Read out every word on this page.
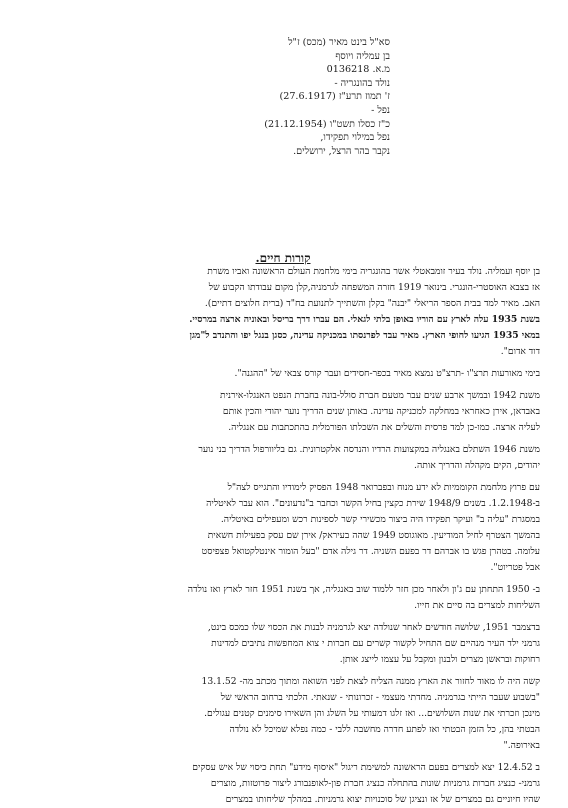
סא"ל בינט מאיר (מכס) ז"ל
בן עמליה ויוסף
מ.א. 0136218
נולד בהונגריה -
ז' תמוז תרע"ז (27.6.1917)
נפל -
כ"ז כסלו תשט"ו (21.12.1954)
נפל במילוי תפקידו,
נקבר בהר הרצל, ירושלים.
קורות חיים.
בן יוסף ועמליה. נולד בעיר זומבאטלי אשר בהונגריה בימי מלחמת העולם הראשונה ואביו משרת
אז בצבא האוסטרי-הונגרי. בינואר 1919 חזרה המשפחה לגרמניה,קלן מקום עבודתו הקבוע של
האב. מאיר למד בבית הספר הריאלי "יבנה" בקלן והשתייך לתנועת בח"ד (ברית חלוצים דתיים).
בשנת 1935 עלה לארץ עם הוריו באופן בלתי לגאלי. הם עברו דרך בריסל ובאוניה ארצה במרסיי.
במאי 1935 הגיעו לחופי הארץ. מאיר עבד לפרנסתו במכניקה עדינה, כסגן בנגל יפו והתנדב ל"מגן
דוד אדום".
בימי מאורעות תרצ"ו -תרצ"ט נמצא מאיר בכפר-חסידים ועבר קורס צבאי של "ההגנה".
משנת 1942 ובמשך ארבע שנים עבר מטעם חברת סולל-בונה בחברת הנפט האנגלו-אירנית
באבדאן, אירן כאחראי במחלקה למכניקה עדינה. באותן שנים הדריך נוער יהודי והכין אותם
לעליה ארצה. כמו-כן למד פרסית והשלים את השכלתו הפורמלית בהתכתבות עם אנגליה.
משנת 1946 השתלם באנגליה במקצועות הרדיו והנדסה אלקטרונית. גם בליוורפול הדריך בני נוער
יהודים, הקים מקהלה והדריך אותה.
עם פרוץ מלחמת הקוממיות לא ידע מנוח ובפברואר 1948 הפסיק לימודיו והתגייס לצה"ל
ב-1.2.1948. בשנים 1948/9 שירת כקצין בחיל הקשר וכחבר ב"נדעונים". הוא עבר לאיטליה
במסגרת "עליה ב" ועיקר תפקידו היה ביצור מכשירי קשר לספינות רכש ומעפילים באיטליה.
בהמשך הצטרף לחיל המודיעין. מאוגוסט 1949 שהה בעיראק/ אירן שם עסק בפעילות חשאית
עלומה. בטהרן פגש בו אברהם דר בפעם השניה. דר גילה אדם "בעל הומור אינטלקטואל פצפיסט
אבל פטריוט".
ב- 1950 התחתן עם ג'ון ולאחר מכן חזר ללמוד שוב באנגליה, אך בשנת 1951 חזר לארץ ואז נולדה
השליחות למצרים בה סיים את חייו.
בדצמבר 1951, שלושה חודשים לאחר שנולדה יצא לגרמניה לבנות את הכסוי שלו כמכס בינט,
גרמני ילד העיר מנהיים שם התחיל לקשור קשרים עם חברות י צוא המחפשות נתיבים למדינות
רחוקות ובראשן מצרים ולבנון ומקבל על עצמו לייצג אותן.
קשה היה לו מאוד לחזור את הארץ ממנה הצליח לצאת לפני השואה ומתוך מכתב מה- 13.1.52
"בשבוע שעבר הייתי בגרמניה. מחדתי מעצמי - זכרונותי - שנאתי. הלכתי ברחוב הראשי של
מינכן וזכרתי את שנות השלושים... ואז זלגו דמעותי על השלג והן השאירו סימנים קטנים עגולים.
הבטתי בהן, כל הזמן הבטתי ואז לפתע חדרה מחשבה ללבי - כמה נפלא שמיכל לא נולדה
באירופה."
ב 12.4.52 יצא למצרים בפעם הראשונה למשימת ריגול "איסוף מידע" תחת כיסוי של איש עסקים
גרמני- כנציג חברות גרמניות שונות בהתחלה כנציג חברת פון-לאופנבורג ליצור פרוטזות, מוצרים
שהיו חיוניים גם במצרים של אז ונציגן של סוכנויות יצוא גרמניות. במהלך שליחותו במצרים
